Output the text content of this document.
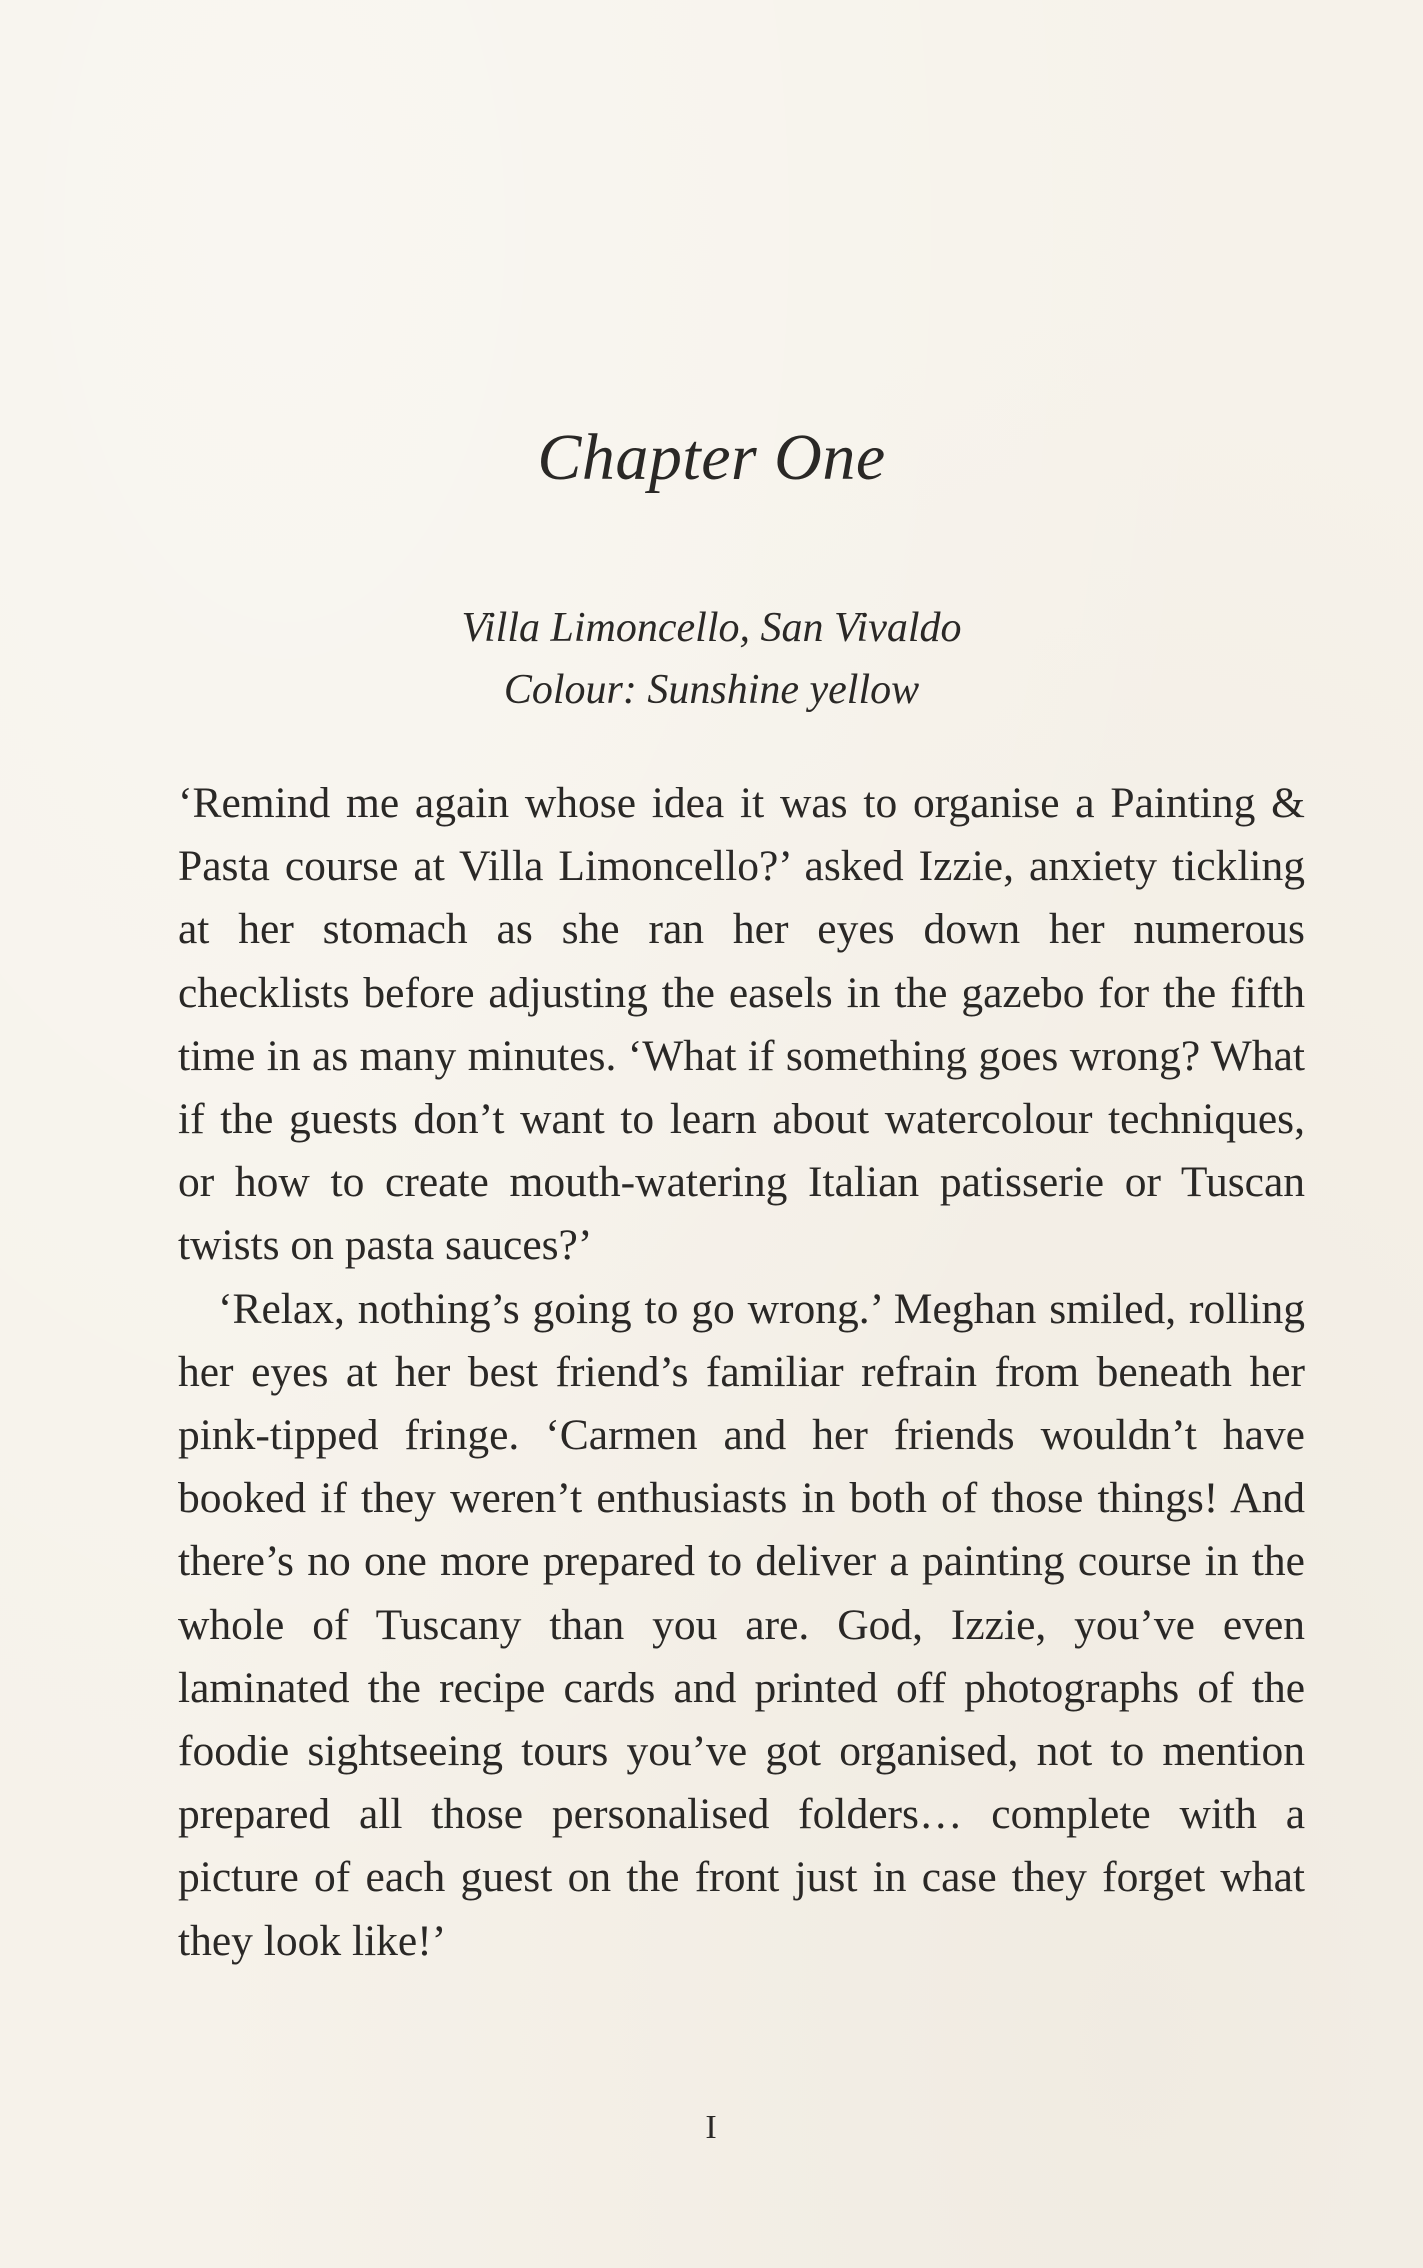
Chapter One
Villa Limoncello, San Vivaldo
Colour: Sunshine yellow

‘Remind me again whose idea it was to organise a Painting & Pasta course at Villa Limoncello?’ asked Izzie, anxiety tickling at her stomach as she ran her eyes down her numerous checklists before adjusting the easels in the gazebo for the fifth time in as many minutes. ‘What if something goes wrong? What if the guests don’t want to learn about watercolour techniques, or how to create mouth-watering Italian patisserie or Tuscan twists on pasta sauces?’

‘Relax, nothing’s going to go wrong.’ Meghan smiled, rolling her eyes at her best friend’s familiar refrain from beneath her pink-tipped fringe. ‘Carmen and her friends wouldn’t have booked if they weren’t enthusiasts in both of those things! And there’s no one more prepared to deliver a painting course in the whole of Tuscany than you are. God, Izzie, you’ve even laminated the recipe cards and printed off photographs of the foodie sightseeing tours you’ve got organised, not to mention prepared all those personalised folders… complete with a picture of each guest on the front just in case they forget what they look like!’

I
